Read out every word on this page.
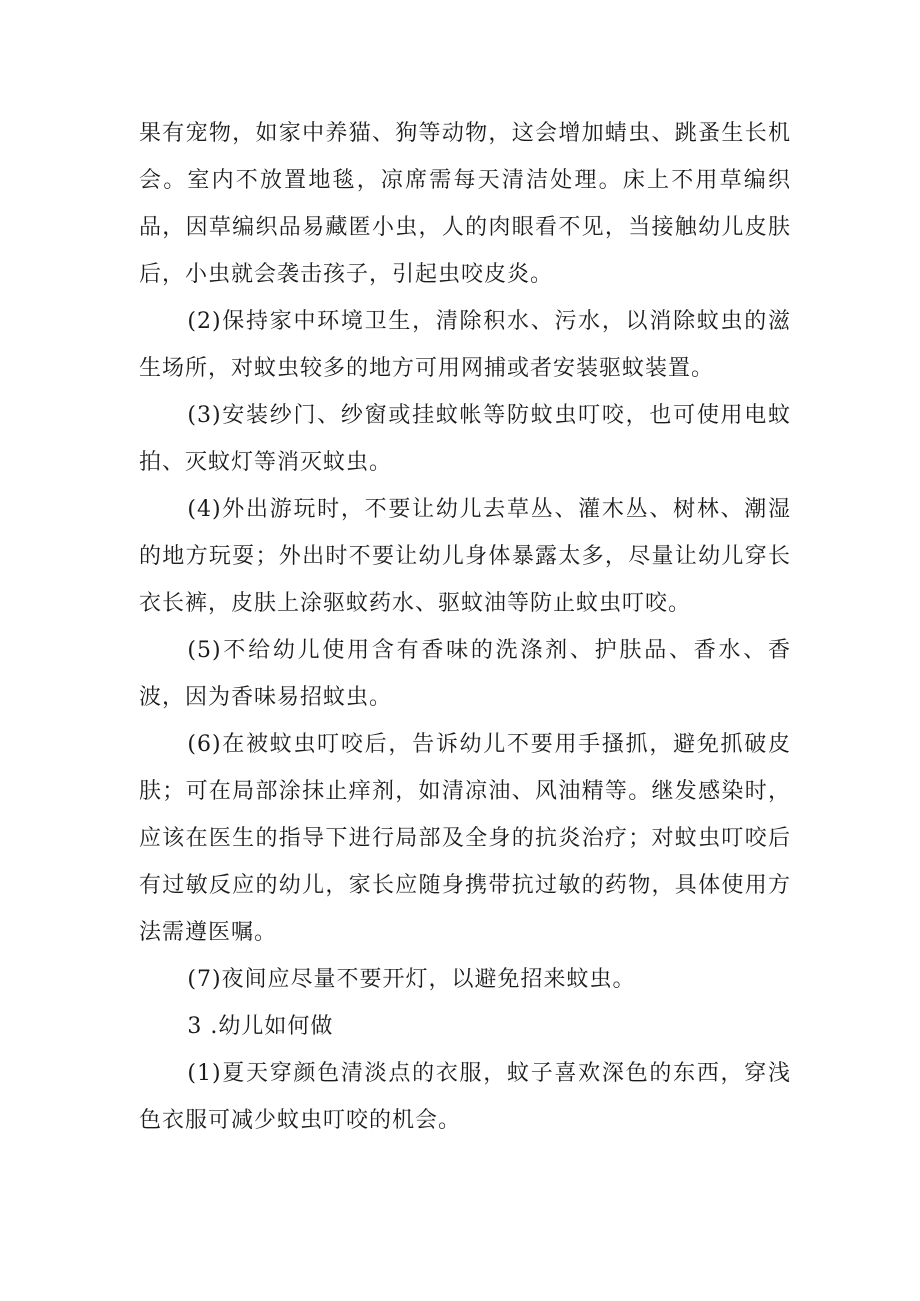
果有宠物，如家中养猫、狗等动物，这会增加蜻虫、跳蚤生长机会。室内不放置地毯，凉席需每天清洁处理。床上不用草编织品，因草编织品易藏匿小虫，人的肉眼看不见，当接触幼儿皮肤后，小虫就会袭击孩子，引起虫咬皮炎。

(2)保持家中环境卫生，清除积水、污水，以消除蚊虫的滋生场所，对蚊虫较多的地方可用网捕或者安装驱蚊装置。

(3)安装纱门、纱窗或挂蚊帐等防蚊虫叮咬，也可使用电蚊拍、灭蚊灯等消灭蚊虫。

(4)外出游玩时，不要让幼儿去草丛、灌木丛、树林、潮湿的地方玩耍；外出时不要让幼儿身体暴露太多，尽量让幼儿穿长衣长裤，皮肤上涂驱蚊药水、驱蚊油等防止蚊虫叮咬。

(5)不给幼儿使用含有香味的洗涤剂、护肤品、香水、香波，因为香味易招蚊虫。

(6)在被蚊虫叮咬后，告诉幼儿不要用手搔抓，避免抓破皮肤；可在局部涂抹止痒剂，如清凉油、风油精等。继发感染时，应该在医生的指导下进行局部及全身的抗炎治疗；对蚊虫叮咬后有过敏反应的幼儿，家长应随身携带抗过敏的药物，具体使用方法需遵医嘱。

(7)夜间应尽量不要开灯，以避免招来蚊虫。

3 .幼儿如何做

(1)夏天穿颜色清淡点的衣服，蚊子喜欢深色的东西，穿浅色衣服可减少蚊虫叮咬的机会。
